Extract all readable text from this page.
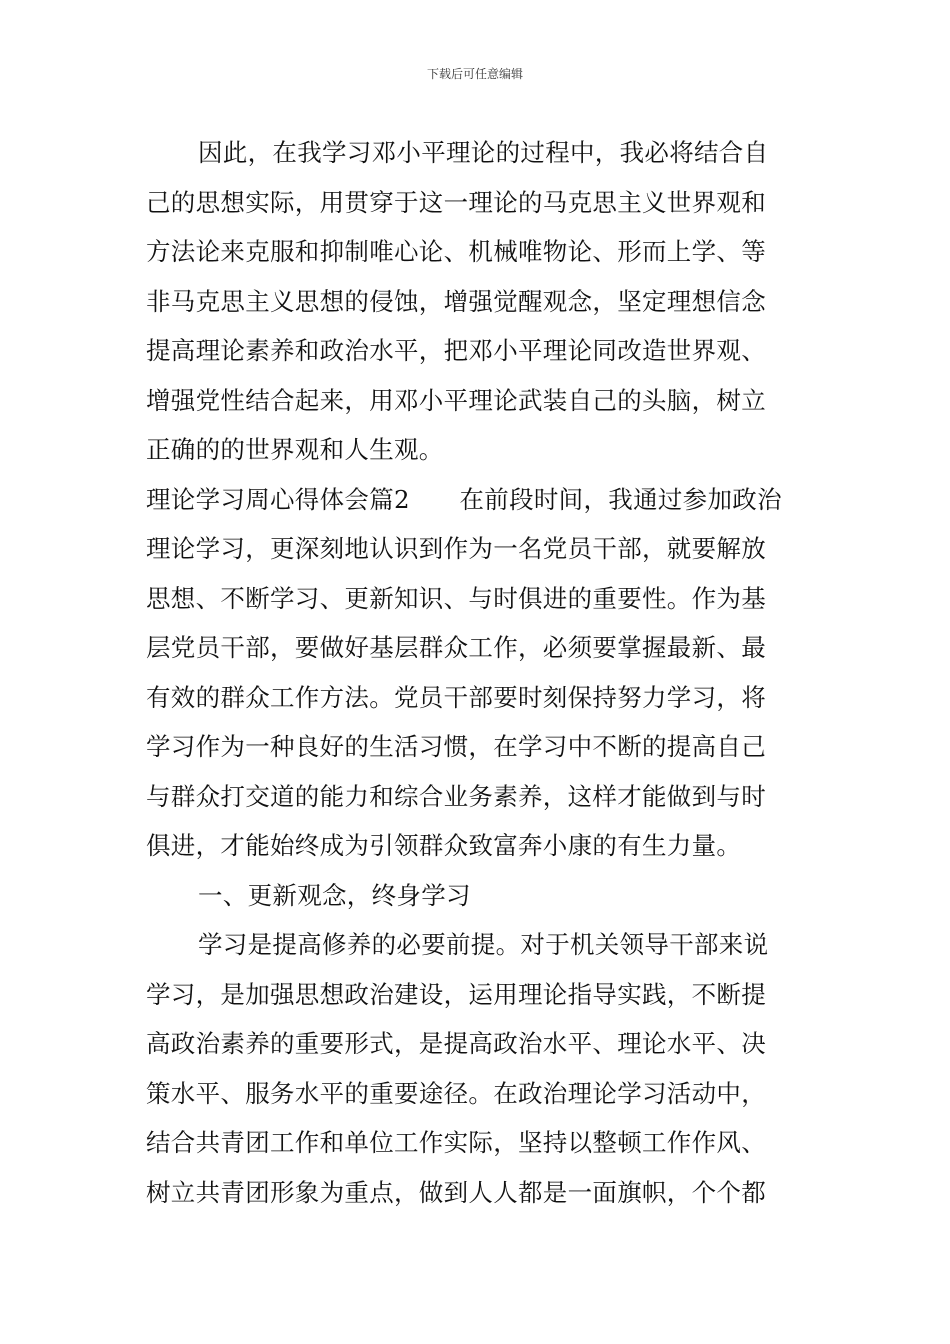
下载后可任意编辑
因此，在我学习邓小平理论的过程中，我必将结合自
己的思想实际，用贯穿于这一理论的马克思主义世界观和
方法论来克服和抑制唯心论、机械唯物论、形而上学、等
非马克思主义思想的侵蚀，增强觉醒观念，坚定理想信念
提高理论素养和政治水平，把邓小平理论同改造世界观、
增强党性结合起来，用邓小平理论武装自己的头脑，树立
正确的的世界观和人生观。
理论学习周心得体会篇2　　在前段时间，我通过参加政治
理论学习，更深刻地认识到作为一名党员干部，就要解放
思想、不断学习、更新知识、与时俱进的重要性。作为基
层党员干部，要做好基层群众工作，必须要掌握最新、最
有效的群众工作方法。党员干部要时刻保持努力学习，将
学习作为一种良好的生活习惯，在学习中不断的提高自己
与群众打交道的能力和综合业务素养，这样才能做到与时
俱进，才能始终成为引领群众致富奔小康的有生力量。
一、更新观念，终身学习
学习是提高修养的必要前提。对于机关领导干部来说
学习，是加强思想政治建设，运用理论指导实践，不断提
高政治素养的重要形式，是提高政治水平、理论水平、决
策水平、服务水平的重要途径。在政治理论学习活动中，
结合共青团工作和单位工作实际，坚持以整顿工作作风、
树立共青团形象为重点，做到人人都是一面旗帜，个个都
